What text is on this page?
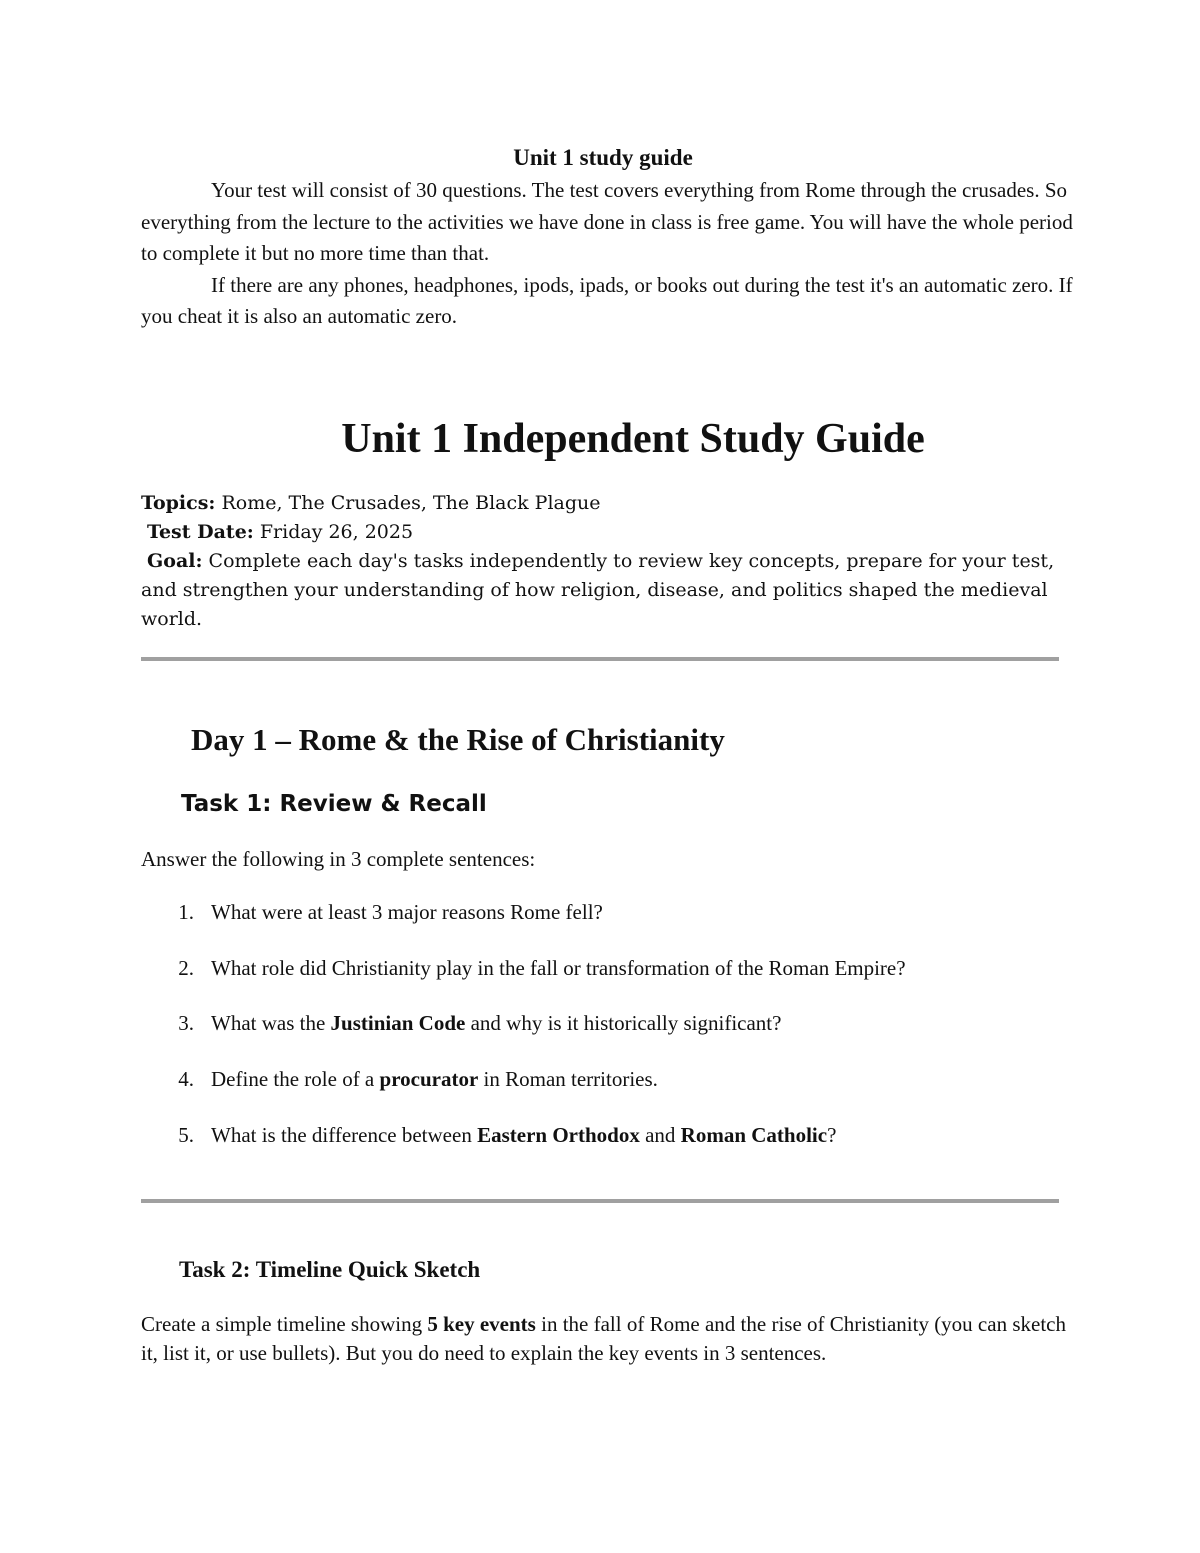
Unit 1 study guide

Your test will consist of 30 questions. The test covers everything from Rome through the crusades. So everything from the lecture to the activities we have done in class is free game. You will have the whole period to complete it but no more time than that.

If there are any phones, headphones, ipods, ipads, or books out during the test it's an automatic zero. If you cheat it is also an automatic zero.

Unit 1 Independent Study Guide
Topics: Rome, The Crusades, The Black Plague
Test Date: Friday 26, 2025
Goal: Complete each day's tasks independently to review key concepts, prepare for your test, and strengthen your understanding of how religion, disease, and politics shaped the medieval world.
Day 1 – Rome & the Rise of Christianity
Task 1: Review & Recall
Answer the following in 3 complete sentences:
1. What were at least 3 major reasons Rome fell?
2. What role did Christianity play in the fall or transformation of the Roman Empire?
3. What was the Justinian Code and why is it historically significant?
4. Define the role of a procurator in Roman territories.
5. What is the difference between Eastern Orthodox and Roman Catholic?
Task 2: Timeline Quick Sketch
Create a simple timeline showing 5 key events in the fall of Rome and the rise of Christianity (you can sketch it, list it, or use bullets). But you do need to explain the key events in 3 sentences.
